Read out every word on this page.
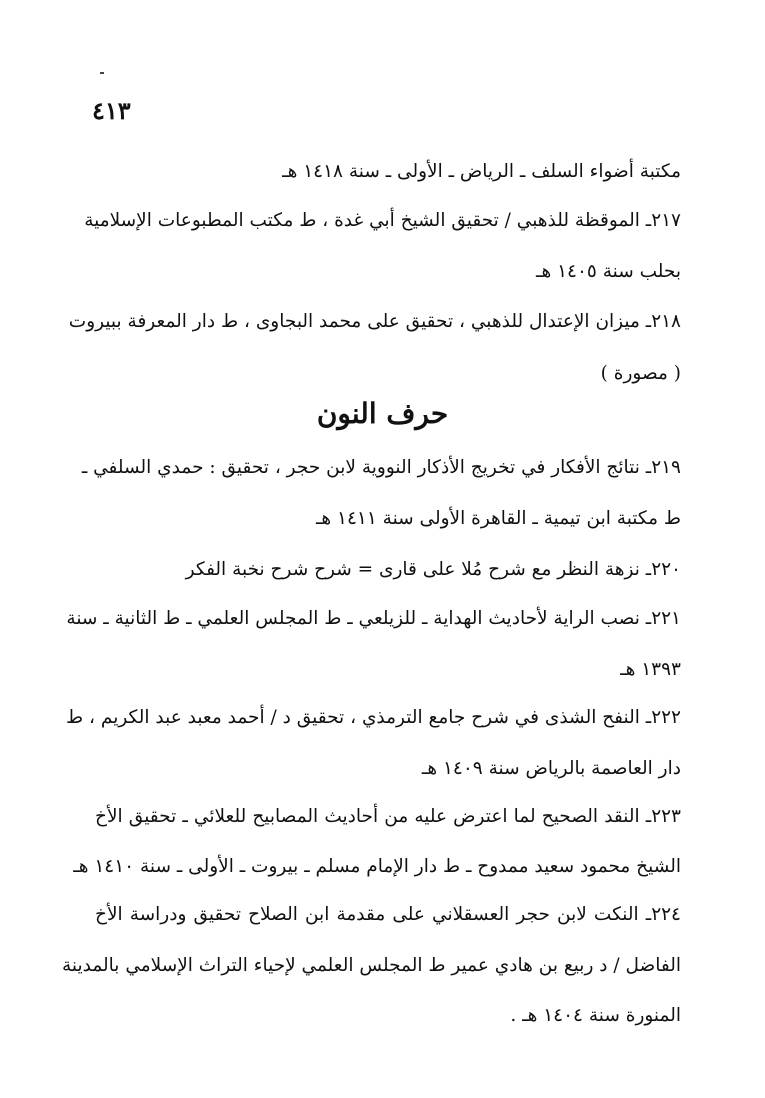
٤١٣
مكتبة أضواء السلف ـ الرياض ـ الأولى ـ سنة ١٤١٨ هـ
٢١٧ـ الموقظة للذهبي / تحقيق الشيخ أبي غدة ، ط مكتب المطبوعات الإسلامية
بحلب سنة ١٤٠٥ هـ
٢١٨ـ ميزان الإعتدال للذهبي ، تحقيق على محمد البجاوى ، ط دار المعرفة ببيروت
( مصورة )
حرف النون
٢١٩ـ نتائج الأفكار في تخريج الأذكار النووية لابن حجر ، تحقيق : حمدي السلفي ـ
ط مكتبة ابن تيمية ـ القاهرة الأولى سنة ١٤١١ هـ
٢٢٠ـ نزهة النظر مع شرح مُلا على قارى = شرح شرح نخبة الفكر
٢٢١ـ نصب الراية لأحاديث الهداية ـ للزيلعي ـ ط المجلس العلمي ـ ط الثانية ـ سنة
١٣٩٣ هـ
٢٢٢ـ النفح الشذى في شرح جامع الترمذي ، تحقيق د / أحمد معبد عبد الكريم ، ط
دار العاصمة بالرياض سنة ١٤٠٩ هـ
٢٢٣ـ النقد الصحيح لما اعترض عليه من أحاديث المصابيح للعلائي ـ تحقيق الأخ
الشيخ محمود سعيد ممدوح ـ ط دار الإمام مسلم ـ بيروت ـ الأولى ـ سنة ١٤١٠ هـ
٢٢٤ـ النكت لابن حجر العسقلاني على مقدمة ابن الصلاح تحقيق ودراسة الأخ
الفاضل / د ربيع بن هادي عمير ط المجلس العلمي لإحياء التراث الإسلامي بالمدينة
المنورة سنة ١٤٠٤ هـ .
